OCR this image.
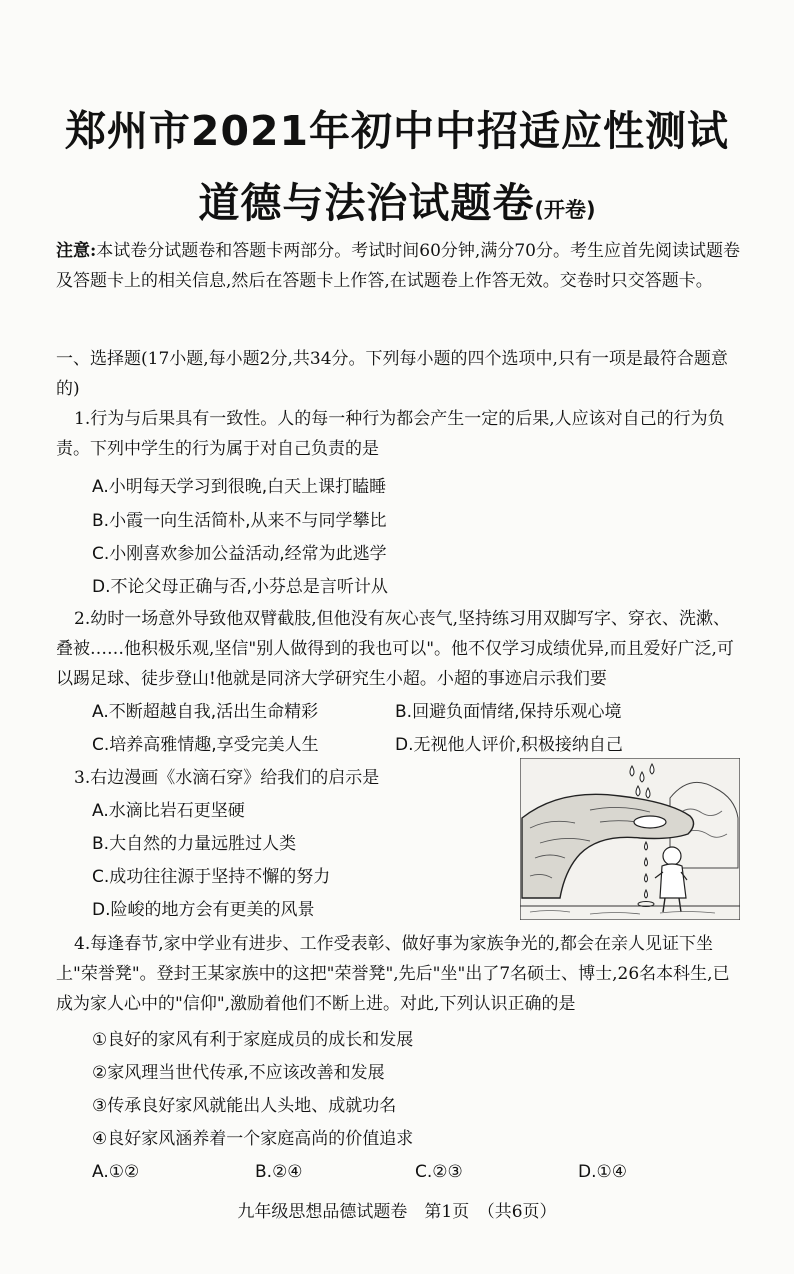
郑州市2021年初中中招适应性测试
道德与法治试题卷(开卷)
注意:本试卷分试题卷和答题卡两部分。考试时间60分钟,满分70分。考生应首先阅读试题卷及答题卡上的相关信息,然后在答题卡上作答,在试题卷上作答无效。交卷时只交答题卡。
一、选择题(17小题,每小题2分,共34分。下列每小题的四个选项中,只有一项是最符合题意的)
1.行为与后果具有一致性。人的每一种行为都会产生一定的后果,人应该对自己的行为负责。下列中学生的行为属于对自己负责的是
A.小明每天学习到很晚,白天上课打瞌睡
B.小霞一向生活简朴,从来不与同学攀比
C.小刚喜欢参加公益活动,经常为此逃学
D.不论父母正确与否,小芬总是言听计从
2.幼时一场意外导致他双臂截肢,但他没有灰心丧气,坚持练习用双脚写字、穿衣、洗漱、叠被……他积极乐观,坚信"别人做得到的我也可以"。他不仅学习成绩优异,而且爱好广泛,可以踢足球、徒步登山!他就是同济大学研究生小超。小超的事迹启示我们要
A.不断超越自我,活出生命精彩	B.回避负面情绪,保持乐观心境
C.培养高雅情趣,享受完美人生	D.无视他人评价,积极接纳自己
3.右边漫画《水滴石穿》给我们的启示是
A.水滴比岩石更坚硬
B.大自然的力量远胜过人类
C.成功往往源于坚持不懈的努力
D.险峻的地方会有更美的风景
4.每逢春节,家中学业有进步、工作受表彰、做好事为家族争光的,都会在亲人见证下坐上"荣誉凳"。登封王某家族中的这把"荣誉凳",先后"坐"出了7名硕士、博士,26名本科生,已成为家人心中的"信仰",激励着他们不断上进。对此,下列认识正确的是
①良好的家风有利于家庭成员的成长和发展
②家风理当世代传承,不应该改善和发展
③传承良好家风就能出人头地、成就功名
④良好家风涵养着一个家庭高尚的价值追求
A.①②	B.②④	C.②③	D.①④
九年级思想品德试题卷　第1页　（共6页）
